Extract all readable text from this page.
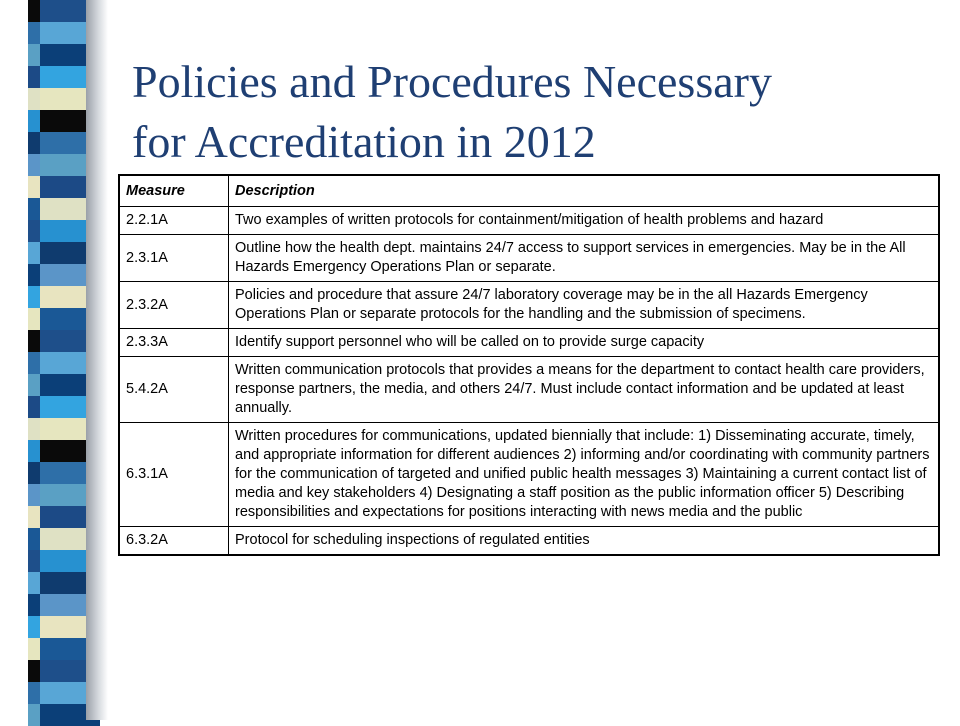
Policies and Procedures Necessary
for Accreditation in 2012
Measure	Description
2.2.1A	Two examples of written protocols for containment/mitigation of health problems and hazard
2.3.1A	Outline how the health dept. maintains 24/7 access to support services in emergencies. May be in the All Hazards Emergency Operations Plan or separate.
2.3.2A	Policies and procedure that assure 24/7 laboratory coverage may be in the all Hazards Emergency Operations Plan or separate protocols for the handling and the submission of specimens.
2.3.3A	Identify support personnel who will be called on to provide surge capacity
5.4.2A	Written communication protocols that provides a means for the department to contact health care providers, response partners, the media, and others 24/7. Must include contact information and be updated at least annually.
6.3.1A	Written procedures for communications, updated biennially that include: 1) Disseminating accurate, timely, and appropriate information for different audiences 2) informing and/or coordinating with community partners for the communication of targeted and unified public health messages 3) Maintaining a current contact list of media and key stakeholders 4) Designating a staff position as the public information officer 5) Describing responsibilities and expectations for positions interacting with news media and the public
6.3.2A	Protocol for scheduling inspections of regulated entities
